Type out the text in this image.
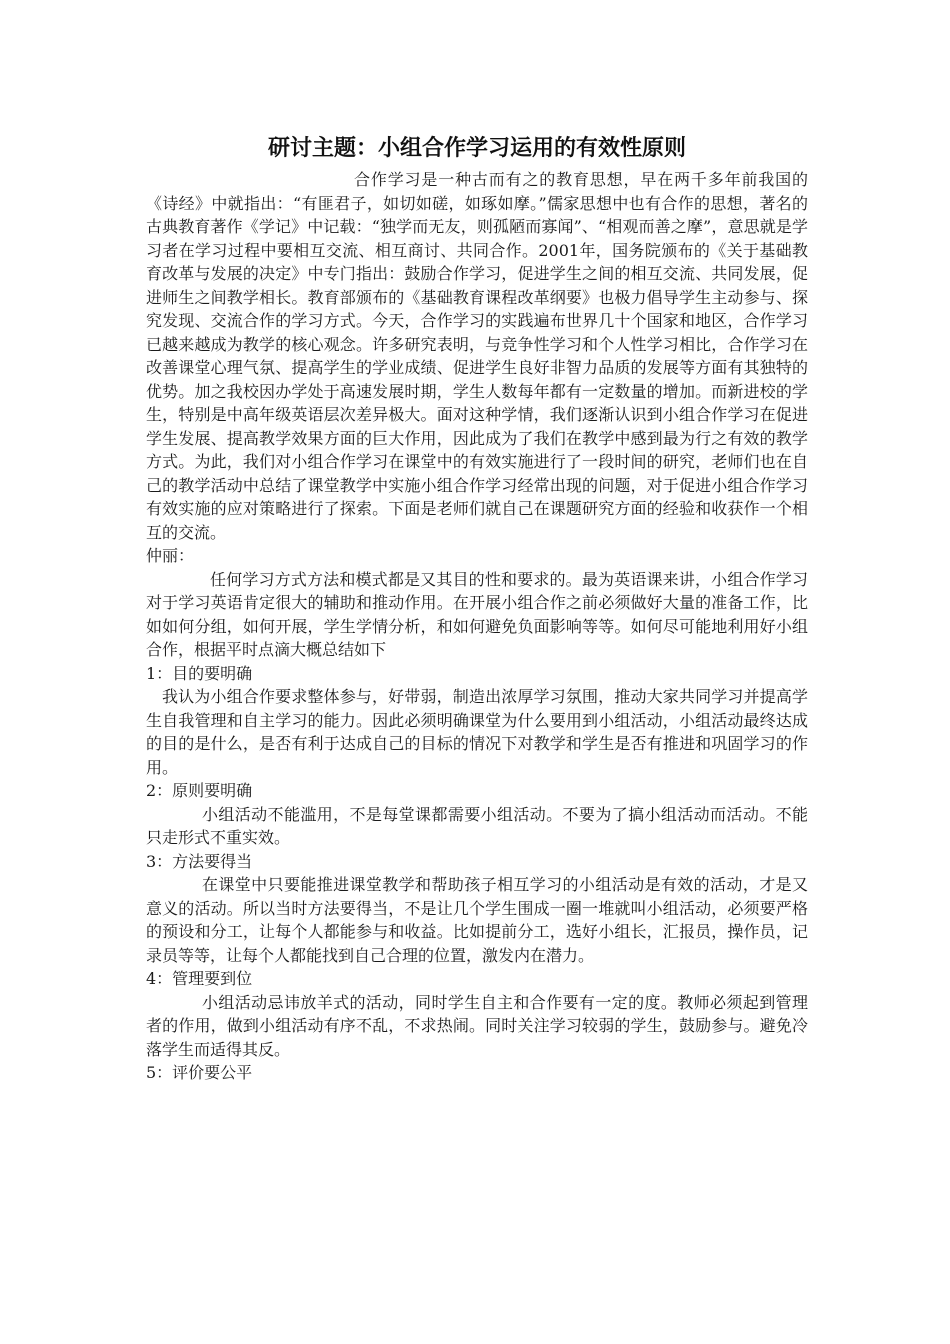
研讨主题：小组合作学习运用的有效性原则

合作学习是一种古而有之的教育思想，早在两千多年前我国的《诗经》中就指出：“有匪君子，如切如磋，如琢如摩。”儒家思想中也有合作的思想，著名的古典教育著作《学记》中记载：“独学而无友，则孤陋而寡闻”、“相观而善之摩”，意思就是学习者在学习过程中要相互交流、相互商讨、共同合作。2001年，国务院颁布的《关于基础教育改革与发展的决定》中专门指出：鼓励合作学习，促进学生之间的相互交流、共同发展，促进师生之间教学相长。教育部颁布的《基础教育课程改革纲要》也极力倡导学生主动参与、探究发现、交流合作的学习方式。今天，合作学习的实践遍布世界几十个国家和地区，合作学习已越来越成为教学的核心观念。许多研究表明，与竞争性学习和个人性学习相比，合作学习在改善课堂心理气氛、提高学生的学业成绩、促进学生良好非智力品质的发展等方面有其独特的优势。加之我校因办学处于高速发展时期，学生人数每年都有一定数量的增加。而新进校的学生，特别是中高年级英语层次差异极大。面对这种学情，我们逐渐认识到小组合作学习在促进学生发展、提高教学效果方面的巨大作用，因此成为了我们在教学中感到最为行之有效的教学方式。为此，我们对小组合作学习在课堂中的有效实施进行了一段时间的研究，老师们也在自己的教学活动中总结了课堂教学中实施小组合作学习经常出现的问题，对于促进小组合作学习有效实施的应对策略进行了探索。下面是老师们就自己在课题研究方面的经验和收获作一个相互的交流。

仲丽：

任何学习方式方法和模式都是又其目的性和要求的。最为英语课来讲，小组合作学习对于学习英语肯定很大的辅助和推动作用。在开展小组合作之前必须做好大量的准备工作，比如如何分组，如何开展，学生学情分析，和如何避免负面影响等等。如何尽可能地利用好小组合作，根据平时点滴大概总结如下

1：目的要明确

我认为小组合作要求整体参与，好带弱，制造出浓厚学习氛围，推动大家共同学习并提高学生自我管理和自主学习的能力。因此必须明确课堂为什么要用到小组活动，小组活动最终达成的目的是什么，是否有利于达成自己的目标的情况下对教学和学生是否有推进和巩固学习的作用。

2：原则要明确

小组活动不能滥用，不是每堂课都需要小组活动。不要为了搞小组活动而活动。不能只走形式不重实效。

3：方法要得当

在课堂中只要能推进课堂教学和帮助孩子相互学习的小组活动是有效的活动，才是又意义的活动。所以当时方法要得当，不是让几个学生围成一圈一堆就叫小组活动，必须要严格的预设和分工，让每个人都能参与和收益。比如提前分工，选好小组长，汇报员，操作员，记录员等等，让每个人都能找到自己合理的位置，激发内在潜力。

4：管理要到位

小组活动忌讳放羊式的活动，同时学生自主和合作要有一定的度。教师必须起到管理者的作用，做到小组活动有序不乱，不求热闹。同时关注学习较弱的学生，鼓励参与。避免冷落学生而适得其反。

5：评价要公平
